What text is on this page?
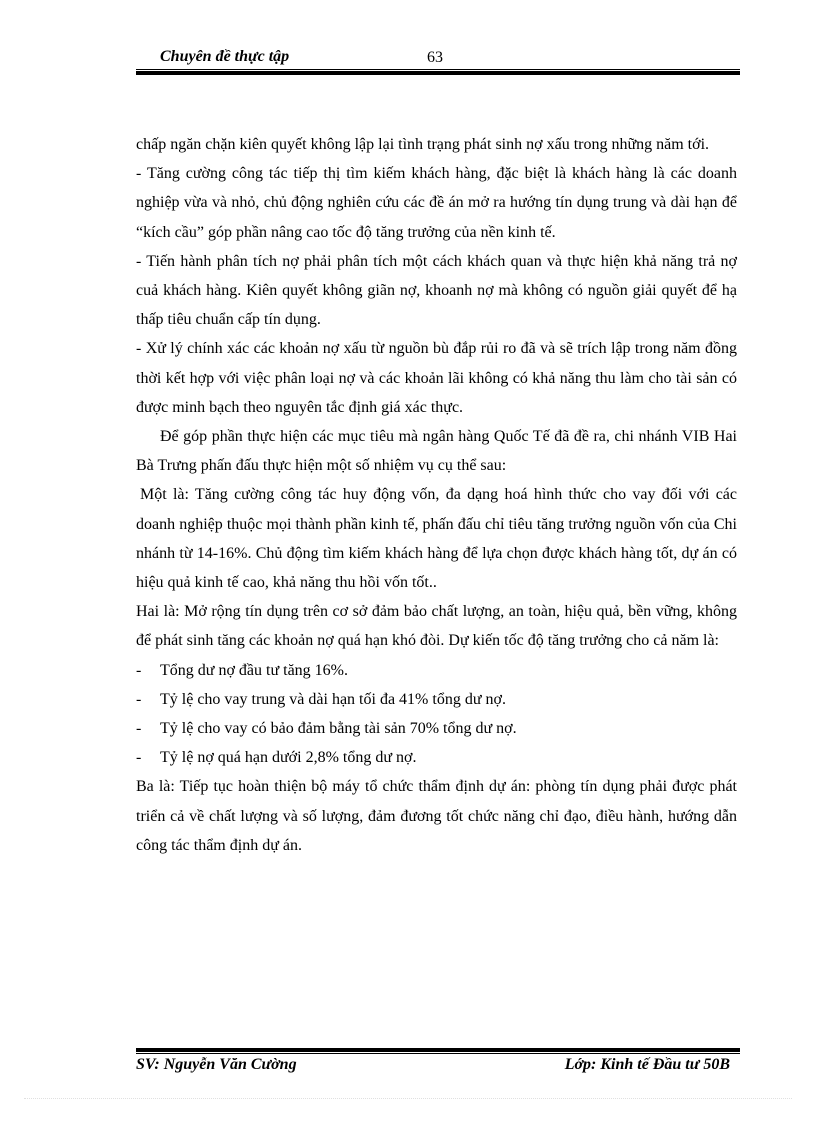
Chuyên đề thực tập	63

chấp ngăn chặn kiên quyết không lập lại tình trạng phát sinh nợ xấu trong những năm tới.

- Tăng cường công tác tiếp thị tìm kiếm khách hàng, đặc biệt là khách hàng là các doanh nghiệp vừa và nhỏ, chủ động nghiên cứu các đề án mở ra hướng tín dụng trung và dài hạn để “kích cầu” góp phần nâng cao tốc độ tăng trưởng của nền kinh tế.

- Tiến hành phân tích nợ phải phân tích một cách khách quan và thực hiện khả năng trả nợ cuả khách hàng. Kiên quyết không giãn nợ, khoanh nợ mà không có nguồn giải quyết để hạ thấp tiêu chuẩn cấp tín dụng.

- Xử lý chính xác các khoản nợ xấu từ nguồn bù đắp rủi ro đã và sẽ trích lập trong năm đồng thời kết hợp với việc phân loại nợ và các khoản lãi không có khả năng thu làm cho tài sản có được minh bạch theo nguyên tắc định giá xác thực.

Để góp phần thực hiện các mục tiêu mà ngân hàng Quốc Tế đã đề ra, chi nhánh VIB Hai Bà Trưng phấn đấu thực hiện một số nhiệm vụ cụ thể sau:

Một là: Tăng cường công tác huy động vốn, đa dạng hoá hình thức cho vay đối với các doanh nghiệp thuộc mọi thành phần kinh tế, phấn đấu chỉ tiêu tăng trưởng nguồn vốn của Chi nhánh từ 14-16%. Chủ động tìm kiếm khách hàng để lựa chọn được khách hàng tốt, dự án có hiệu quả kinh tế cao, khả năng thu hồi vốn tốt..

Hai là: Mở rộng tín dụng trên cơ sở đảm bảo chất lượng, an toàn, hiệu quả, bền vững, không để phát sinh tăng các khoản nợ quá hạn khó đòi. Dự kiến tốc độ tăng trưởng cho cả năm là:

- Tổng dư nợ đầu tư tăng 16%.

- Tỷ lệ cho vay trung và dài hạn tối đa 41% tổng dư nợ.

- Tỷ lệ cho vay có bảo đảm bằng tài sản 70% tổng dư nợ.

- Tỷ lệ nợ quá hạn dưới 2,8% tổng dư nợ.

Ba là: Tiếp tục hoàn thiện bộ máy tổ chức thẩm định dự án: phòng tín dụng phải được phát triển cả về chất lượng và số lượng, đảm đương tốt chức năng chỉ đạo, điều hành, hướng dẫn công tác thẩm định dự án.

SV: Nguyễn Văn Cường	Lớp: Kinh tế Đầu tư 50B
